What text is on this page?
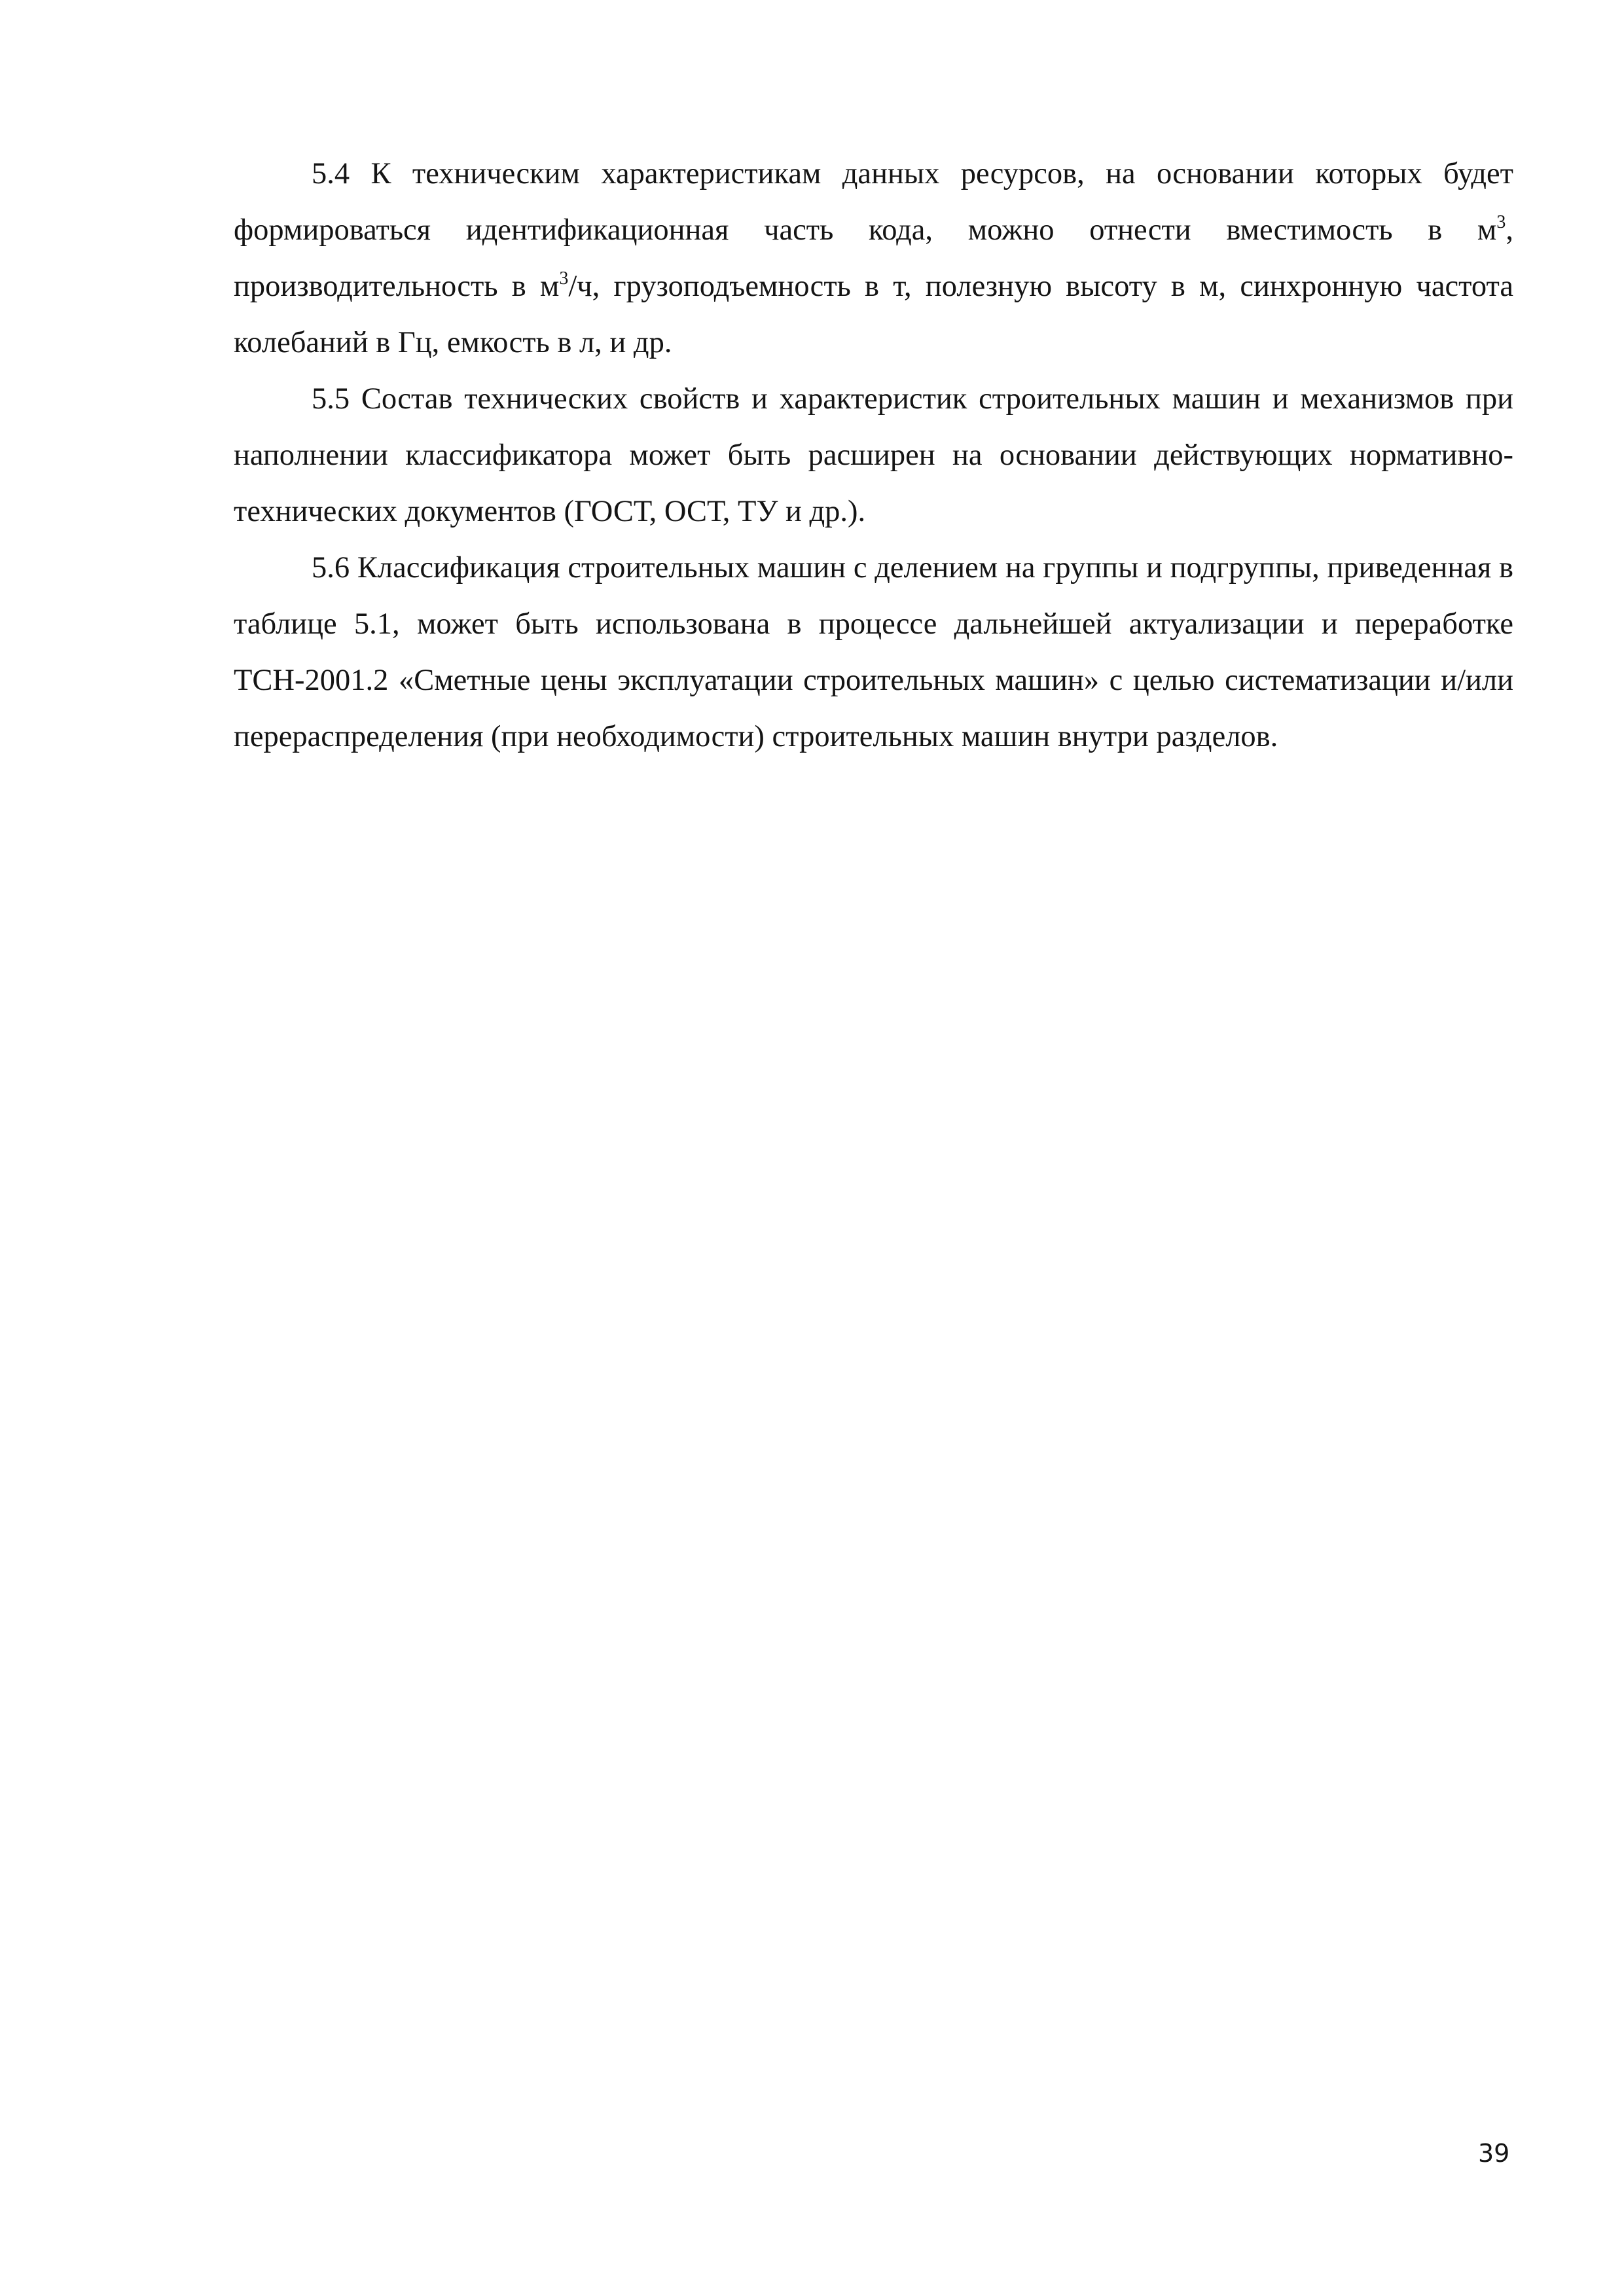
5.4 К техническим характеристикам данных ресурсов, на основании которых будет формироваться идентификационная часть кода, можно отнести вместимость в $м^3$, производительность в $м^3/ч$, грузоподъемность в т, полезную высоту в м, синхронную частота колебаний в Гц, емкость в л, и др.

5.5 Состав технических свойств и характеристик строительных машин и механизмов при наполнении классификатора может быть расширен на основании действующих нормативно-технических документов (ГОСТ, ОСТ, ТУ и др.).

5.6 Классификация строительных машин с делением на группы и подгруппы, приведенная в таблице 5.1, может быть использована в процессе дальнейшей актуализации и переработке ТСН-2001.2 «Сметные цены эксплуатации строительных машин» с целью систематизации и/или перераспределения (при необходимости) строительных машин внутри разделов.

39
